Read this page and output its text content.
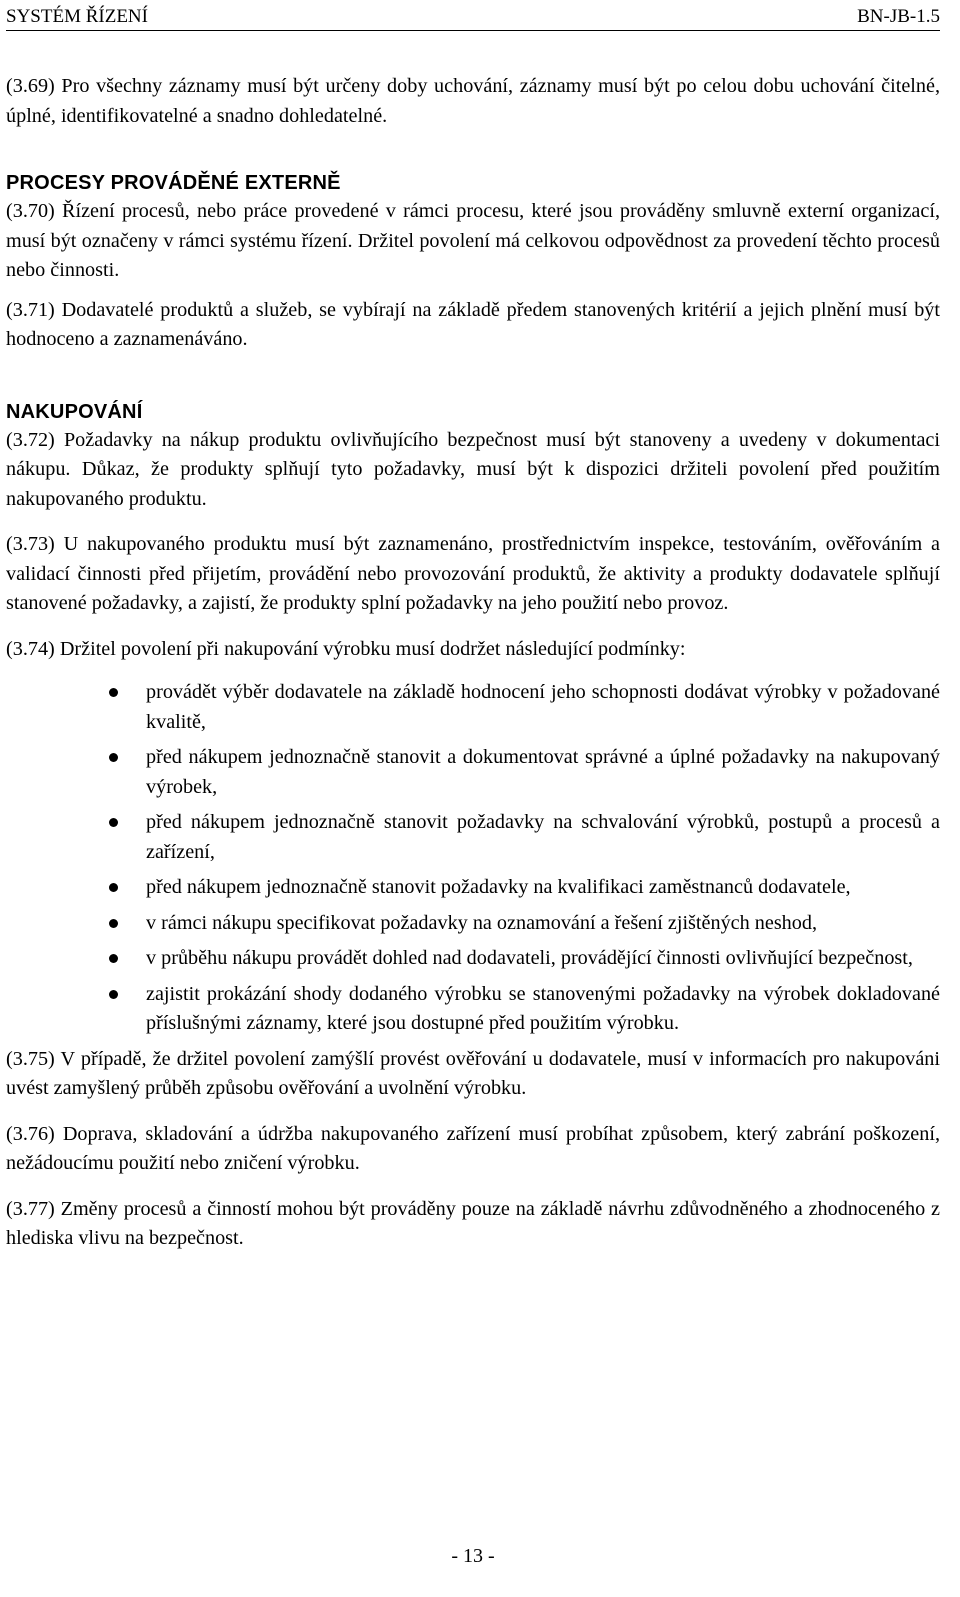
SYSTÉM ŘÍZENÍ	BN-JB-1.5

(3.69) Pro všechny záznamy musí být určeny doby uchování, záznamy musí být po celou dobu uchování čitelné, úplné, identifikovatelné a snadno dohledatelné.

PROCESY PROVÁDĚNÉ EXTERNĚ

(3.70) Řízení procesů, nebo práce provedené v rámci procesu, které jsou prováděny smluvně externí organizací, musí být označeny v rámci systému řízení. Držitel povolení má celkovou odpovědnost za provedení těchto procesů nebo činnosti.

(3.71) Dodavatelé produktů a služeb, se vybírají na základě předem stanovených kritérií a jejich plnění musí být hodnoceno a zaznamenáváno.

NAKUPOVÁNÍ

(3.72) Požadavky na nákup produktu ovlivňujícího bezpečnost musí být stanoveny a uvedeny v dokumentaci nákupu. Důkaz, že produkty splňují tyto požadavky, musí být k dispozici držiteli povolení před použitím nakupovaného produktu.

(3.73) U nakupovaného produktu musí být zaznamenáno, prostřednictvím inspekce, testováním, ověřováním a validací činnosti před přijetím, provádění nebo provozování produktů, že aktivity a produkty dodavatele splňují stanovené požadavky, a zajistí, že produkty splní požadavky na jeho použití nebo provoz.

(3.74) Držitel povolení při nakupování výrobku musí dodržet následující podmínky:

provádět výběr dodavatele na základě hodnocení jeho schopnosti dodávat výrobky v požadované kvalitě,

před nákupem jednoznačně stanovit a dokumentovat správné a úplné požadavky na nakupovaný výrobek,

před nákupem jednoznačně stanovit požadavky na schvalování výrobků, postupů a procesů a zařízení,

před nákupem jednoznačně stanovit požadavky na kvalifikaci zaměstnanců dodavatele,

v rámci nákupu specifikovat požadavky na oznamování a řešení zjištěných neshod,

v průběhu nákupu provádět dohled nad dodavateli, provádějící činnosti ovlivňující bezpečnost,

zajistit prokázání shody dodaného výrobku se stanovenými požadavky na výrobek dokladované příslušnými záznamy, které jsou dostupné před použitím výrobku.

(3.75) V případě, že držitel povolení zamýšlí provést ověřování u dodavatele, musí v informacích pro nakupováni uvést zamyšlený průběh způsobu ověřování a uvolnění výrobku.

(3.76) Doprava, skladování a údržba nakupovaného zařízení musí probíhat způsobem, který zabrání poškození, nežádoucímu použití nebo zničení výrobku.

(3.77) Změny procesů a činností mohou být prováděny pouze na základě návrhu zdůvodněného a zhodnoceného z hlediska vlivu na bezpečnost.

- 13 -
